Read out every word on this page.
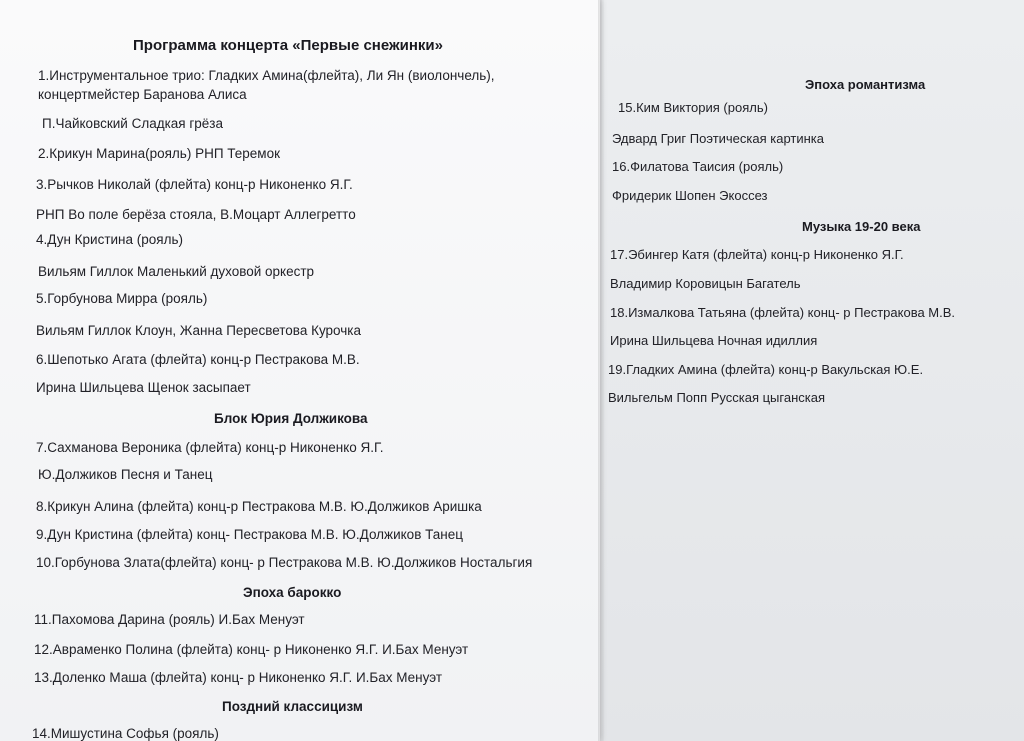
Программа концерта «Первые снежинки»
1.Инструментальное трио: Гладких Амина(флейта), Ли Ян (виолончель),
концертмейстер Баранова Алиса
П.Чайковский Сладкая грёза
2.Крикун Марина(рояль) РНП Теремок
3.Рычков Николай (флейта) конц-р Никоненко Я.Г.
РНП Во поле берёза стояла, В.Моцарт Аллегретто
4.Дун Кристина (рояль)
Вильям Гиллок Маленький духовой оркестр
5.Горбунова Мирра (рояль)
Вильям Гиллок Клоун, Жанна Пересветова Курочка
6.Шепотько Агата (флейта) конц-р Пестракова М.В.
Ирина Шильцева Щенок засыпает
Блок Юрия Должикова
7.Сахманова Вероника (флейта) конц-р Никоненко Я.Г.
Ю.Должиков Песня и Танец
8.Крикун Алина (флейта) конц-р Пестракова М.В. Ю.Должиков Аришка
9.Дун Кристина (флейта) конц- Пестракова М.В. Ю.Должиков Танец
10.Горбунова Злата(флейта) конц- р Пестракова М.В. Ю.Должиков Ностальгия
Эпоха барокко
11.Пахомова Дарина (рояль) И.Бах Менуэт
12.Авраменко Полина (флейта) конц- р Никоненко Я.Г. И.Бах Менуэт
13.Доленко Маша (флейта) конц- р Никоненко Я.Г. И.Бах Менуэт
Поздний классицизм
14.Мишустина Софья (рояль)
Эпоха романтизма
15.Ким Виктория (рояль)
Эдвард Григ Поэтическая картинка
16.Филатова Таисия (рояль)
Фридерик Шопен Экоссез
Музыка 19-20 века
17.Эбингер Катя (флейта) конц-р Никоненко Я.Г.
Владимир Коровицын Багатель
18.Измалкова Татьяна (флейта) конц- р Пестракова М.В.
Ирина Шильцева Ночная идиллия
19.Гладких Амина (флейта) конц-р Вакульская Ю.Е.
Вильгельм Попп Русская цыганская
